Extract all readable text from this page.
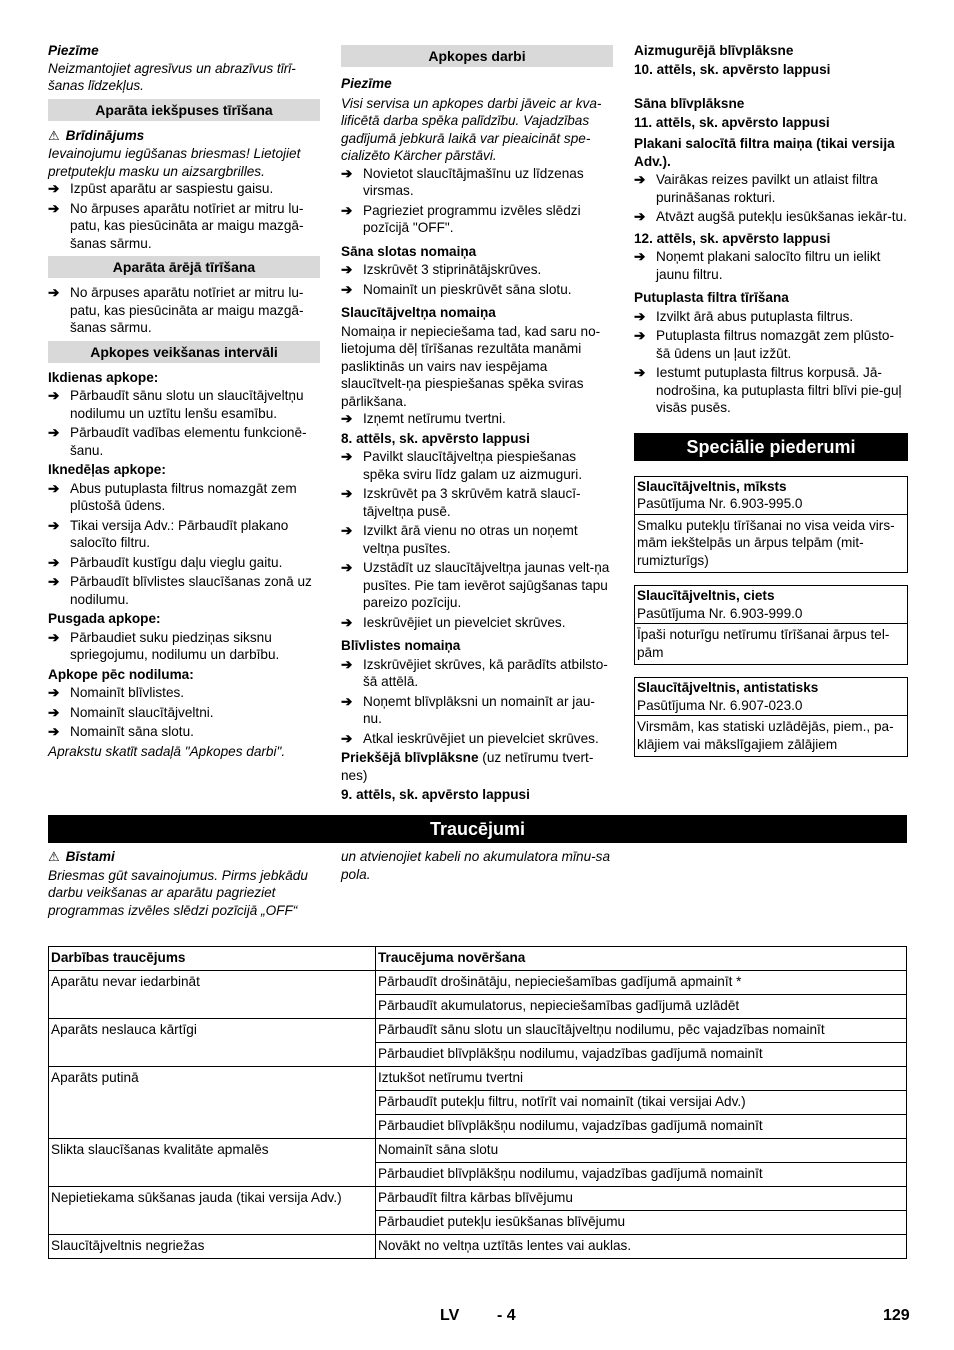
Piezīme

Neizmantojiet agresīvus un abrazīvus tīrī-šanas līdzekļus.

Aparāta iekšpuses tīrīšana

⚠ Brīdinājums

Ievainojumu iegūšanas briesmas! Lietojiet pretputekļu masku un aizsargbrilles.

➔ Izpūst aparātu ar saspiestu gaisu.
➔ No ārpuses aparātu notīriet ar mitru lu-patu, kas piesūcināta ar maigu mazgā-šanas sārmu.
Aparāta ārējā tīrīšana
➔ No ārpuses aparātu notīriet ar mitru lu-patu, kas piesūcināta ar maigu mazgā-šanas sārmu.
Apkopes veikšanas intervāli
Ikdienas apkope:
➔ Pārbaudīt sānu slotu un slaucītājveltņu nodilumu un uztītu lenšu esamību.
➔ Pārbaudīt vadības elementu funkcionē-šanu.
Iknedēļas apkope:
➔ Abus putuplasta filtrus nomazgāt zem plūstošā ūdens.
➔ Tikai versija Adv.: Pārbaudīt plakano salocīto filtru.
➔ Pārbaudīt kustīgu daļu vieglu gaitu.
➔ Pārbaudīt blīvlistes slaucīšanas zonā uz nodilumu.
Pusgada apkope:
➔ Pārbaudiet suku piedziņas siksnu spriegojumu, nodilumu un darbību.
Apkope pēc nodiluma:
➔ Nomainīt blīvlistes.
➔ Nomainīt slaucītājveltni.
➔ Nomainīt sāna slotu.

Aprakstu skatīt sadaļā "Apkopes darbi".

Apkopes darbi

Piezīme

Visi servisa un apkopes darbi jāveic ar kva-lificētā darba spēka palīdzību. Vajadzības gadījumā jebkurā laikā var pieaicināt spe-cializēto Kärcher pārstāvi.

➔ Novietot slaucītājmašīnu uz līdzenas virsmas.
➔ Pagrieziet programmu izvēles slēdzi pozīcijā "OFF".
Sāna slotas nomaiņa
➔ Izskrūvēt 3 stiprinātājskrūves.
➔ Nomainīt un pieskrūvēt sāna slotu.
Slaucītājveltņa nomaiņa

Nomaiņa ir nepieciešama tad, kad saru no-lietojuma dēļ tīrīšanas rezultāta manāmi pasliktinās un vairs nav iespējama slaucītvelt-ņa piespiešanas spēka sviras pārlikšana.

➔ Izņemt netīrumu tvertni.
8. attēls, sk. apvērsto lappusi
➔ Pavilkt slaucītājveltņa piespiešanas spēka sviru līdz galam uz aizmuguri.
➔ Izskrūvēt pa 3 skrūvēm katrā slaucī-tājveltņa pusē.
➔ Izvilkt ārā vienu no otras un noņemt veltņa pusītes.
➔ Uzstādīt uz slaucītājveltņa jaunas velt-ņa pusītes. Pie tam ievērot sajūgšanas tapu pareizo pozīciju.
➔ Ieskrūvējiet un pievelciet skrūves.
Blīvlistes nomaiņa
➔ Izskrūvējiet skrūves, kā parādīts atbilsto-šā attēlā.
➔ Noņemt blīvplāksni un nomainīt ar jau-nu.
➔ Atkal ieskrūvējiet un pievelciet skrūves.

Priekšējā blīvplāksne (uz netīrumu tvert-nes)

9. attēls, sk. apvērsto lappusi
Aizmugurējā blīvplāksne
10. attēls, sk. apvērsto lappusi
Sāna blīvplāksne
11. attēls, sk. apvērsto lappusi
Plakani salocītā filtra maiņa (tikai versija Adv.).
➔ Vairākas reizes pavilkt un atlaist filtra purināšanas rokturi.
➔ Atvāzt augšā putekļu iesūkšanas iekār-tu.
12. attēls, sk. apvērsto lappusi
➔ Noņemt plakani salocīto filtru un ielikt jaunu filtru.
Putuplasta filtra tīrīšana
➔ Izvilkt ārā abus putuplasta filtrus.
➔ Putuplasta filtrus nomazgāt zem plūsto-šā ūdens un ļaut izžūt.
➔ Iestumt putuplasta filtrus korpusā. Jā-nodrošina, ka putuplasta filtri blīvi pie-guļ visās pusēs.
Speciālie piederumi
Slaucītājveltnis, mīksts
Pasūtījuma Nr. 6.903-995.0
Smalku putekļu tīrīšanai no visa veida virs-mām iekštelpās un ārpus telpām (mit-rumizturīgs)
Slaucītājveltnis, ciets
Pasūtījuma Nr. 6.903-999.0
Īpaši noturīgu netīrumu tīrīšanai ārpus tel-pām
Slaucītājveltnis, antistatisks
Pasūtījuma Nr. 6.907-023.0
Virsmām, kas statiski uzlādējās, piem., pa-klājiem vai mākslīgajiem zālājiem
Traucējumi

⚠ Bīstami

Briesmas gūt savainojumus. Pirms jebkādu darbu veikšanas ar aparātu pagrieziet programmas izvēles slēdzi pozīcijā „OFF“

un atvienojiet kabeli no akumulatora mīnu-sa pola.

Darbības traucējums	Traucējuma novēršana
Aparātu nevar iedarbināt	Pārbaudīt drošinātāju, nepieciešamības gadījumā apmainīt *
	Pārbaudīt akumulatorus, nepieciešamības gadījumā uzlādēt
Aparāts neslauca kārtīgi	Pārbaudīt sānu slotu un slaucītājveltņu nodilumu, pēc vajadzības nomainīt
	Pārbaudiet blīvplākšņu nodilumu, vajadzības gadījumā nomainīt
Aparāts putinā	Iztukšot netīrumu tvertni
	Pārbaudīt putekļu filtru, notīrīt vai nomainīt (tikai versijai Adv.)
	Pārbaudiet blīvplākšņu nodilumu, vajadzības gadījumā nomainīt
Slikta slaucīšanas kvalitāte apmalēs	Nomainīt sāna slotu
	Pārbaudiet blīvplākšņu nodilumu, vajadzības gadījumā nomainīt
Nepietiekama sūkšanas jauda (tikai versija Adv.)	Pārbaudīt filtra kārbas blīvējumu
	Pārbaudiet putekļu iesūkšanas blīvējumu
Slaucītājveltnis negriežas	Novākt no veltņa uztītās lentes vai auklas.
LV - 4	129
